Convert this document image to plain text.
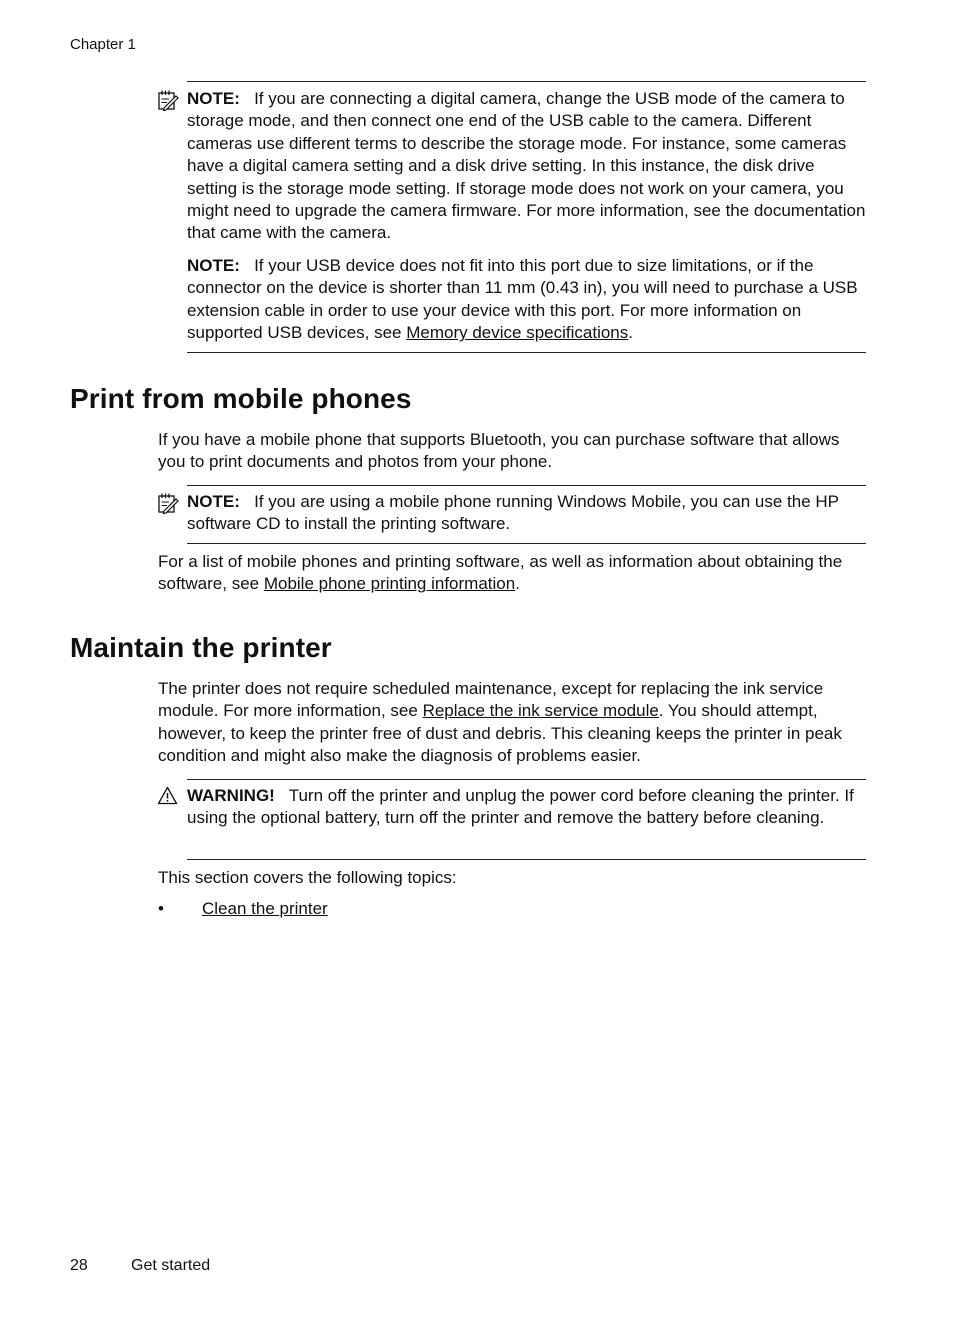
Chapter 1
NOTE: If you are connecting a digital camera, change the USB mode of the camera to storage mode, and then connect one end of the USB cable to the camera. Different cameras use different terms to describe the storage mode. For instance, some cameras have a digital camera setting and a disk drive setting. In this instance, the disk drive setting is the storage mode setting. If storage mode does not work on your camera, you might need to upgrade the camera firmware. For more information, see the documentation that came with the camera.
NOTE: If your USB device does not fit into this port due to size limitations, or if the connector on the device is shorter than 11 mm (0.43 in), you will need to purchase a USB extension cable in order to use your device with this port. For more information on supported USB devices, see Memory device specifications.
Print from mobile phones
If you have a mobile phone that supports Bluetooth, you can purchase software that allows you to print documents and photos from your phone.
NOTE: If you are using a mobile phone running Windows Mobile, you can use the HP software CD to install the printing software.
For a list of mobile phones and printing software, as well as information about obtaining the software, see Mobile phone printing information.
Maintain the printer
The printer does not require scheduled maintenance, except for replacing the ink service module. For more information, see Replace the ink service module. You should attempt, however, to keep the printer free of dust and debris. This cleaning keeps the printer in peak condition and might also make the diagnosis of problems easier.
WARNING! Turn off the printer and unplug the power cord before cleaning the printer. If using the optional battery, turn off the printer and remove the battery before cleaning.
This section covers the following topics:
• Clean the printer
28	Get started
